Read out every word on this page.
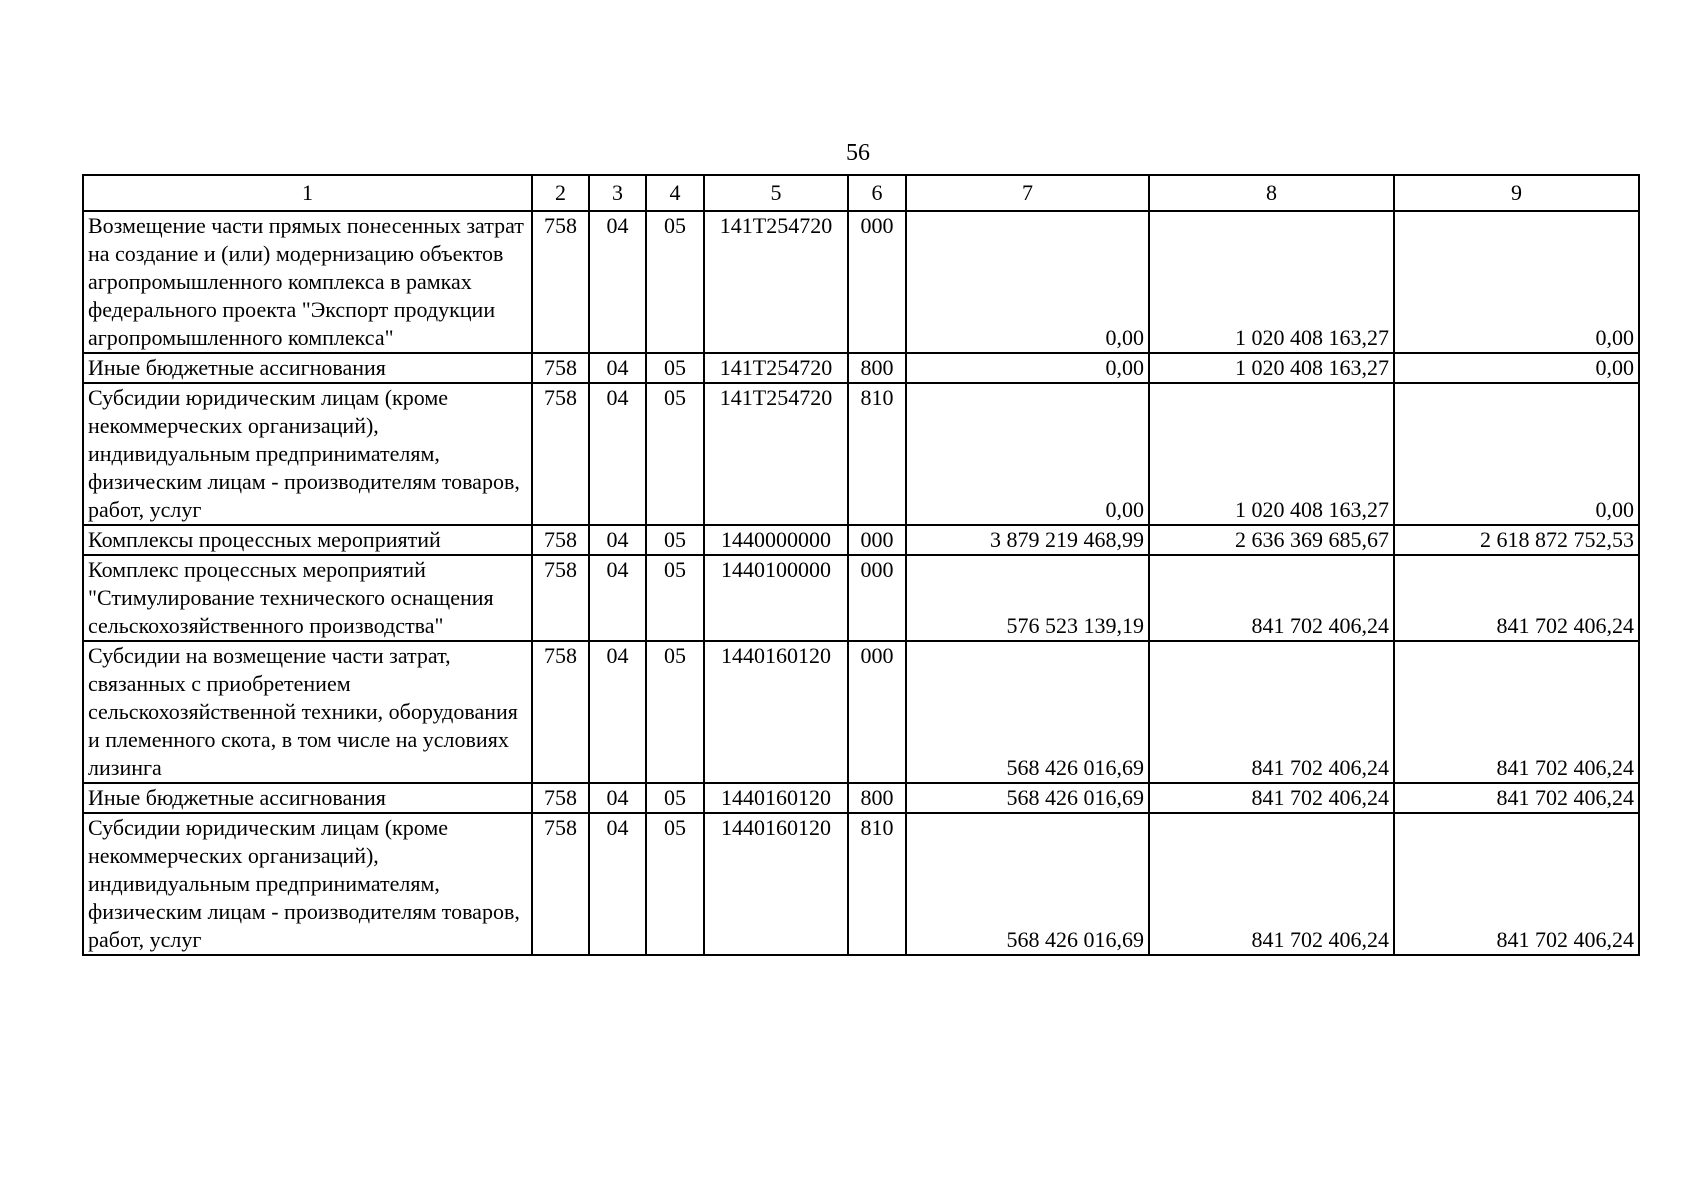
56
1	2	3	4	5	6	7	8	9
Возмещение части прямых понесенных затрат на создание и (или) модернизацию объектов агропромышленного комплекса в рамках федерального проекта "Экспорт продукции агропромышленного комплекса"	758	04	05	141T254720	000	0,00	1 020 408 163,27	0,00
Иные бюджетные ассигнования	758	04	05	141T254720	800	0,00	1 020 408 163,27	0,00
Субсидии юридическим лицам (кроме некоммерческих организаций), индивидуальным предпринимателям, физическим лицам - производителям товаров, работ, услуг	758	04	05	141T254720	810	0,00	1 020 408 163,27	0,00
Комплексы процессных мероприятий	758	04	05	1440000000	000	3 879 219 468,99	2 636 369 685,67	2 618 872 752,53
Комплекс процессных мероприятий "Стимулирование технического оснащения сельскохозяйственного производства"	758	04	05	1440100000	000	576 523 139,19	841 702 406,24	841 702 406,24
Субсидии на возмещение части затрат, связанных с приобретением сельскохозяйственной техники, оборудования и племенного скота, в том числе на условиях лизинга	758	04	05	1440160120	000	568 426 016,69	841 702 406,24	841 702 406,24
Иные бюджетные ассигнования	758	04	05	1440160120	800	568 426 016,69	841 702 406,24	841 702 406,24
Субсидии юридическим лицам (кроме некоммерческих организаций), индивидуальным предпринимателям, физическим лицам - производителям товаров, работ, услуг	758	04	05	1440160120	810	568 426 016,69	841 702 406,24	841 702 406,24
